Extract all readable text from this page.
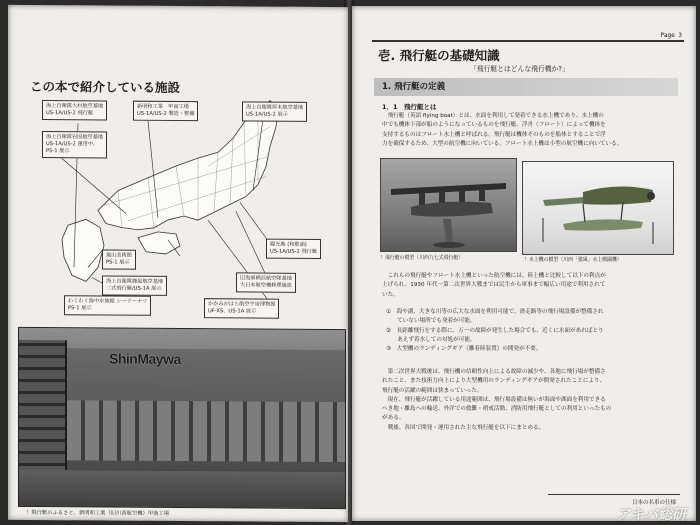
この本で紹介している施設
海上自衛隊大村航空基地
US-1A/US-2 飛行艇
新明和工業　甲南工場
US-1A/US-2 製造・整備
海上自衛隊厚木航空基地
US-1A/US-2 展示
海上自衛隊岩国航空基地
US-1A/US-2 運用中、
PS-1 展示
嵐山美術館
PS-1 展示
海上自衛隊鹿屋航空基地
二式飛行艇/US-1A 展示
わくわく海中水族館 シードーナツ
PS-1 展示
観光地 (和歌浦)
US-1A/US-2 飛行艇
旧海軍横浜航空隊基地
大日本航空機修理施設
かかみがはら航空宇宙博物館
UF-XS、US-1A 展示
ShinMaywa
！飛行艇のふるさと、新明和工業（旧川西航空機）甲南工場
Page 3
壱. 飛行艇の基礎知識
「飛行艇とはどんな飛行機か?」
1. 飛行艇の定義
1．1　飛行艇とは
　飛行艇（英語 flying boat）とは、水面を利用して発着できる水上機であり、水上機の
中でも機体下部が船のようになっているものを飛行艇、浮舟（フロート）によって機体を
支持するものはフロート水上機と呼ばれる。飛行艇は機体そのものを船体とすることで浮
力を確保するため、大型の航空機に向いている。フロート水上機は小型の航空機に向いている。
！飛行艇の模型（川西九七式飛行艇）	！水上機の模型（川西「強風」水上戦闘機）
　これらの飛行艇やフロート水上機といった航空機には、陸上機と比較して以下の利点が
上げられ、1930 年代～第二次世界大戦までは民生から軍事まで幅広い用途で利用されて
いた。
①　海や湖、大きな川等の広大な水面を利用可能で、滑走路等の飛行場設備が整備され
　　ていない場所でも発着が可能。
②　長距離飛行をする際に、万一の故障が発生した場合でも、近くに水面があればとり
　　あえず着水しての対処が可能。
③　大型機のランディングギア（離着陸装置）の開発が不要。
　第二次世界大戦後は、飛行機の信頼性向上による故障の減少や、各地に飛行場が整備さ
れたこと、また技術力向上により大型機用のランディングギアが開発されたことにより、
飛行艇の活躍の範囲は狭まっていった。
　現在、飛行艇が活躍している用途範囲は、飛行場設備は無いが海面や湖面を利用できる
へき地・離島への輸送、外洋での救難・哨戒活動、消防用飛行艇としての利用といったもの
がある。
　戦後、各国で開発・運用された主な飛行艇を以下にまとめる。
日本の名車の仕様
アキバ総研
